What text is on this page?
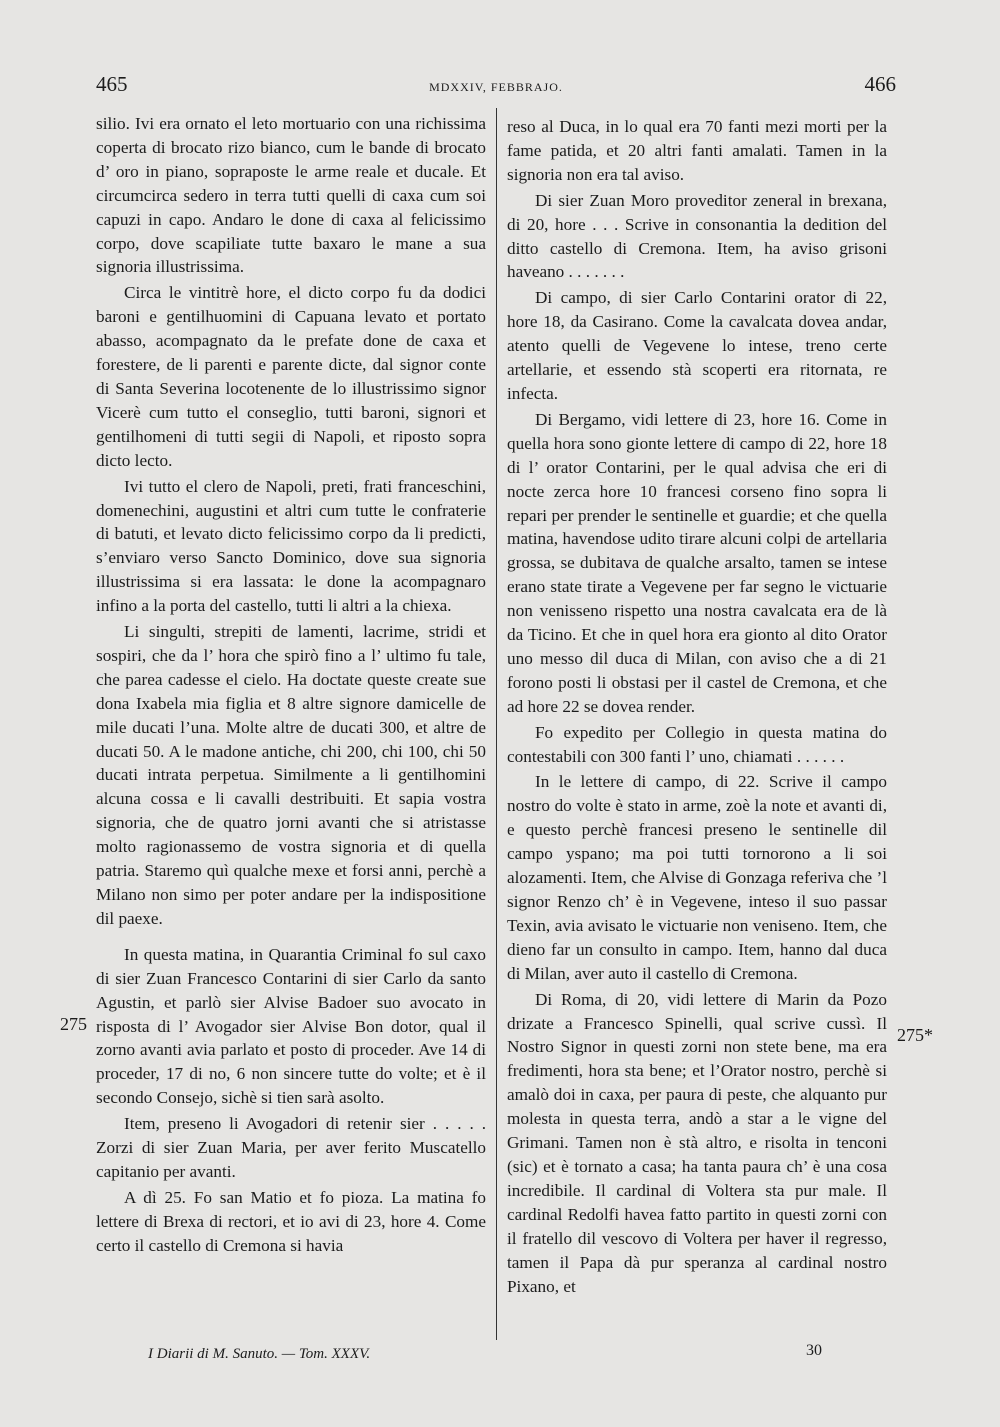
465	MDXXIV, FEBBRAJO.	466

silio. Ivi era ornato el leto mortuario con una richissima coperta di brocato rizo bianco, cum le bande di brocato d’ oro in piano, sopraposte le arme reale et ducale. Et circumcirca sedero in terra tutti quelli di caxa cum soi capuzi in capo. Andaro le done di caxa al felicissimo corpo, dove scapiliate tutte baxaro le mane a sua signoria illustrissima.

Circa le vintitrè hore, el dicto corpo fu da dodici baroni e gentilhuomini di Capuana levato et portato abasso, acompagnato da le prefate done de caxa et forestere, de li parenti e parente dicte, dal signor conte di Santa Severina locotenente de lo illustrissimo signor Vicerè cum tutto el conseglio, tutti baroni, signori et gentilhomeni di tutti segii di Napoli, et riposto sopra dicto lecto.

Ivi tutto el clero de Napoli, preti, frati franceschini, domenechini, augustini et altri cum tutte le confraterie di batuti, et levato dicto felicissimo corpo da li predicti, s’enviaro verso Sancto Dominico, dove sua signoria illustrissima si era lassata: le done la acompagnaro infino a la porta del castello, tutti li altri a la chiexa.

Li singulti, strepiti de lamenti, lacrime, stridi et sospiri, che da l’ hora che spirò fino a l’ ultimo fu tale, che parea cadesse el cielo. Ha doctate queste create sue dona Ixabela mia figlia et 8 altre signore damicelle de mile ducati l’una. Molte altre de ducati 300, et altre de ducati 50. A le madone antiche, chi 200, chi 100, chi 50 ducati intrata perpetua. Similmente a li gentilhomini alcuna cossa e li cavalli destribuiti. Et sapia vostra signoria, che de quatro jorni avanti che si atristasse molto ragionassemo de vostra signoria et di quella patria. Staremo quì qualche mexe et forsi anni, perchè a Milano non simo per poter andare per la indispositione dil paexe.

In questa matina, in Quarantia Criminal fo sul caxo di sier Zuan Francesco Contarini di sier Carlo da santo Agustin, et parlò sier Alvise Badoer suo avocato in risposta di l’ Avogador sier Alvise Bon dotor, qual il zorno avanti avia parlato et posto di proceder. Ave 14 di proceder, 17 di no, 6 non sincere tutte do volte; et è il secondo Consejo, sichè si tien sarà asolto.

Item, preseno li Avogadori di retenir sier . . . . . Zorzi di sier Zuan Maria, per aver ferito Muscatello capitanio per avanti.

A dì 25. Fo san Matio et fo pioza. La matina fo lettere di Brexa di rectori, et io avi di 23, hore 4. Come certo il castello di Cremona si havia

reso al Duca, in lo qual era 70 fanti mezi morti per la fame patida, et 20 altri fanti amalati. Tamen in la signoria non era tal aviso.

Di sier Zuan Moro proveditor zeneral in brexana, di 20, hore . . . Scrive in consonantia la dedition del ditto castello di Cremona. Item, ha aviso grisoni haveano . . . . . . .

Di campo, di sier Carlo Contarini orator di 22, hore 18, da Casirano. Come la cavalcata dovea andar, atento quelli de Vegevene lo intese, treno certe artellarie, et essendo stà scoperti era ritornata, re infecta.

Di Bergamo, vidi lettere di 23, hore 16. Come in quella hora sono gionte lettere di campo di 22, hore 18 di l’ orator Contarini, per le qual advisa che eri di nocte zerca hore 10 francesi corseno fino sopra li repari per prender le sentinelle et guardie; et che quella matina, havendose udito tirare alcuni colpi de artellaria grossa, se dubitava de qualche arsalto, tamen se intese erano state tirate a Vegevene per far segno le victuarie non venisseno rispetto una nostra cavalcata era de là da Ticino. Et che in quel hora era gionto al dito Orator uno messo dil duca di Milan, con aviso che a di 21 forono posti li obstasi per il castel de Cremona, et che ad hore 22 se dovea render.

Fo expedito per Collegio in questa matina do contestabili con 300 fanti l’ uno, chiamati . . . . . .

In le lettere di campo, di 22. Scrive il campo nostro do volte è stato in arme, zoè la note et avanti di, e questo perchè francesi preseno le sentinelle dil campo yspano; ma poi tutti tornorono a li soi alozamenti. Item, che Alvise di Gonzaga referiva che ’l signor Renzo ch’ è in Vegevene, inteso il suo passar Texin, avia avisato le victuarie non veniseno. Item, che dieno far un consulto in campo. Item, hanno dal duca di Milan, aver auto il castello di Cremona.

Di Roma, di 20, vidi lettere di Marin da Pozo drizate a Francesco Spinelli, qual scrive cussì. Il Nostro Signor in questi zorni non stete bene, ma era fredimenti, hora sta bene; et l’Orator nostro, perchè si amalò doi in caxa, per paura di peste, che alquanto pur molesta in questa terra, andò a star a le vigne del Grimani. Tamen non è stà altro, e risolta in tenconi (sic) et è tornato a casa; ha tanta paura ch’ è una cosa incredibile. Il cardinal di Voltera sta pur male. Il cardinal Redolfi havea fatto partito in questi zorni con il fratello dil vescovo di Voltera per haver il regresso, tamen il Papa dà pur speranza al cardinal nostro Pixano, et

275
275*
I Diarii di M. Sanuto. — Tom. XXXV.	30
